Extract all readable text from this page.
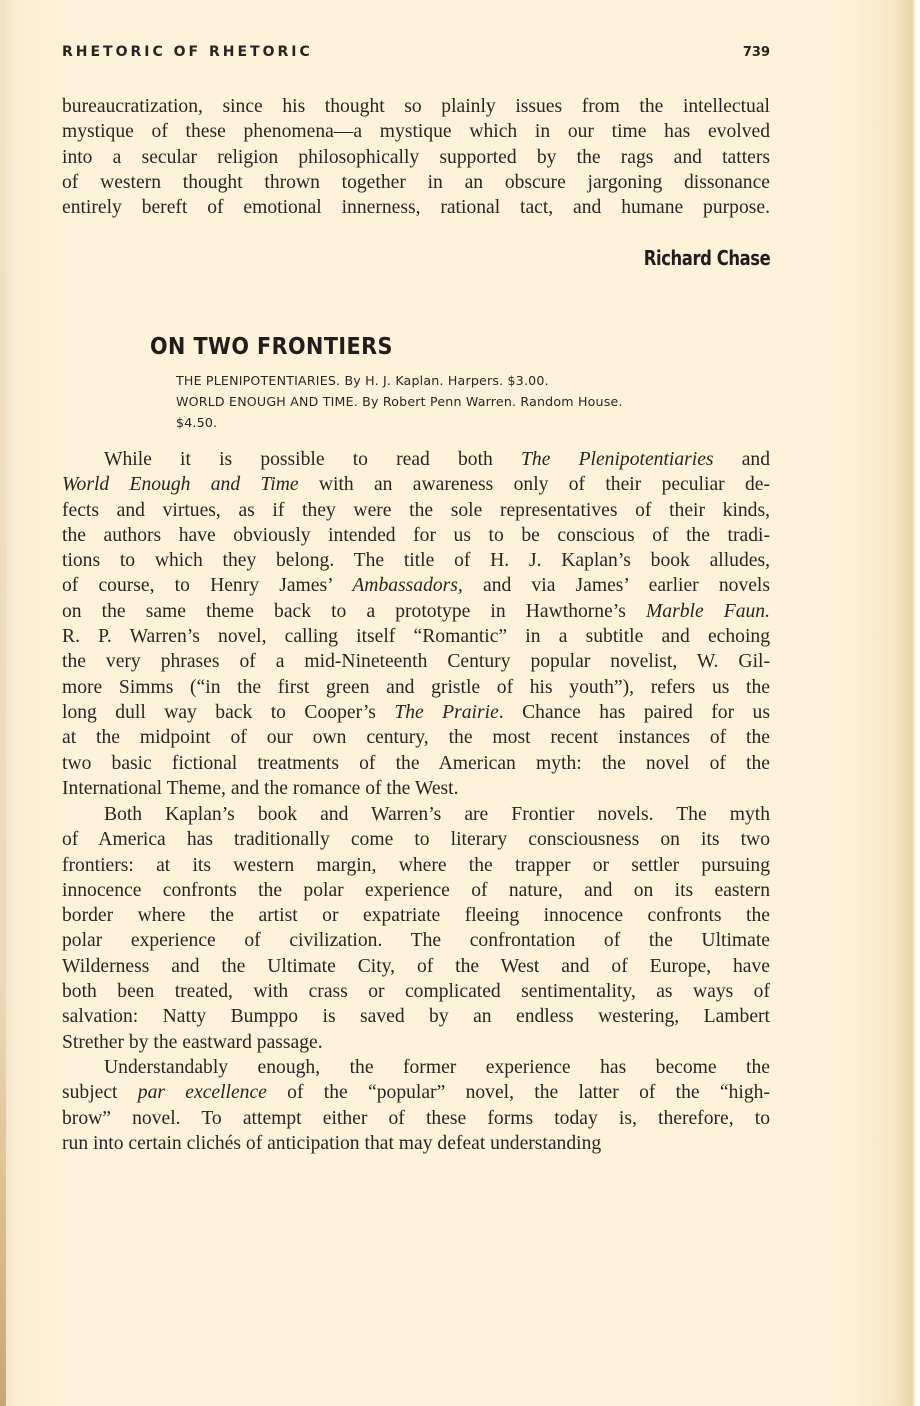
RHETORIC OF RHETORIC	739
bureaucratization, since his thought so plainly issues from the intellectual
mystique of these phenomena—a mystique which in our time has evolved
into a secular religion philosophically supported by the rags and tatters
of western thought thrown together in an obscure jargoning dissonance
entirely bereft of emotional innerness, rational tact, and humane purpose.
Richard Chase
ON TWO FRONTIERS
THE PLENIPOTENTIARIES. By H. J. Kaplan. Harpers. $3.00.
WORLD ENOUGH AND TIME. By Robert Penn Warren. Random House.
$4.50.
While it is possible to read both The Plenipotentiaries and
World Enough and Time with an awareness only of their peculiar de-
fects and virtues, as if they were the sole representatives of their kinds,
the authors have obviously intended for us to be conscious of the tradi-
tions to which they belong. The title of H. J. Kaplan’s book alludes,
of course, to Henry James’ Ambassadors, and via James’ earlier novels
on the same theme back to a prototype in Hawthorne’s Marble Faun.
R. P. Warren’s novel, calling itself “Romantic” in a subtitle and echoing
the very phrases of a mid-Nineteenth Century popular novelist, W. Gil-
more Simms (“in the first green and gristle of his youth”), refers us the
long dull way back to Cooper’s The Prairie. Chance has paired for us
at the midpoint of our own century, the most recent instances of the
two basic fictional treatments of the American myth: the novel of the
International Theme, and the romance of the West.
Both Kaplan’s book and Warren’s are Frontier novels. The myth
of America has traditionally come to literary consciousness on its two
frontiers: at its western margin, where the trapper or settler pursuing
innocence confronts the polar experience of nature, and on its eastern
border where the artist or expatriate fleeing innocence confronts the
polar experience of civilization. The confrontation of the Ultimate
Wilderness and the Ultimate City, of the West and of Europe, have
both been treated, with crass or complicated sentimentality, as ways of
salvation: Natty Bumppo is saved by an endless westering, Lambert
Strether by the eastward passage.
Understandably enough, the former experience has become the
subject par excellence of the “popular” novel, the latter of the “high-
brow” novel. To attempt either of these forms today is, therefore, to
run into certain clichés of anticipation that may defeat understanding
